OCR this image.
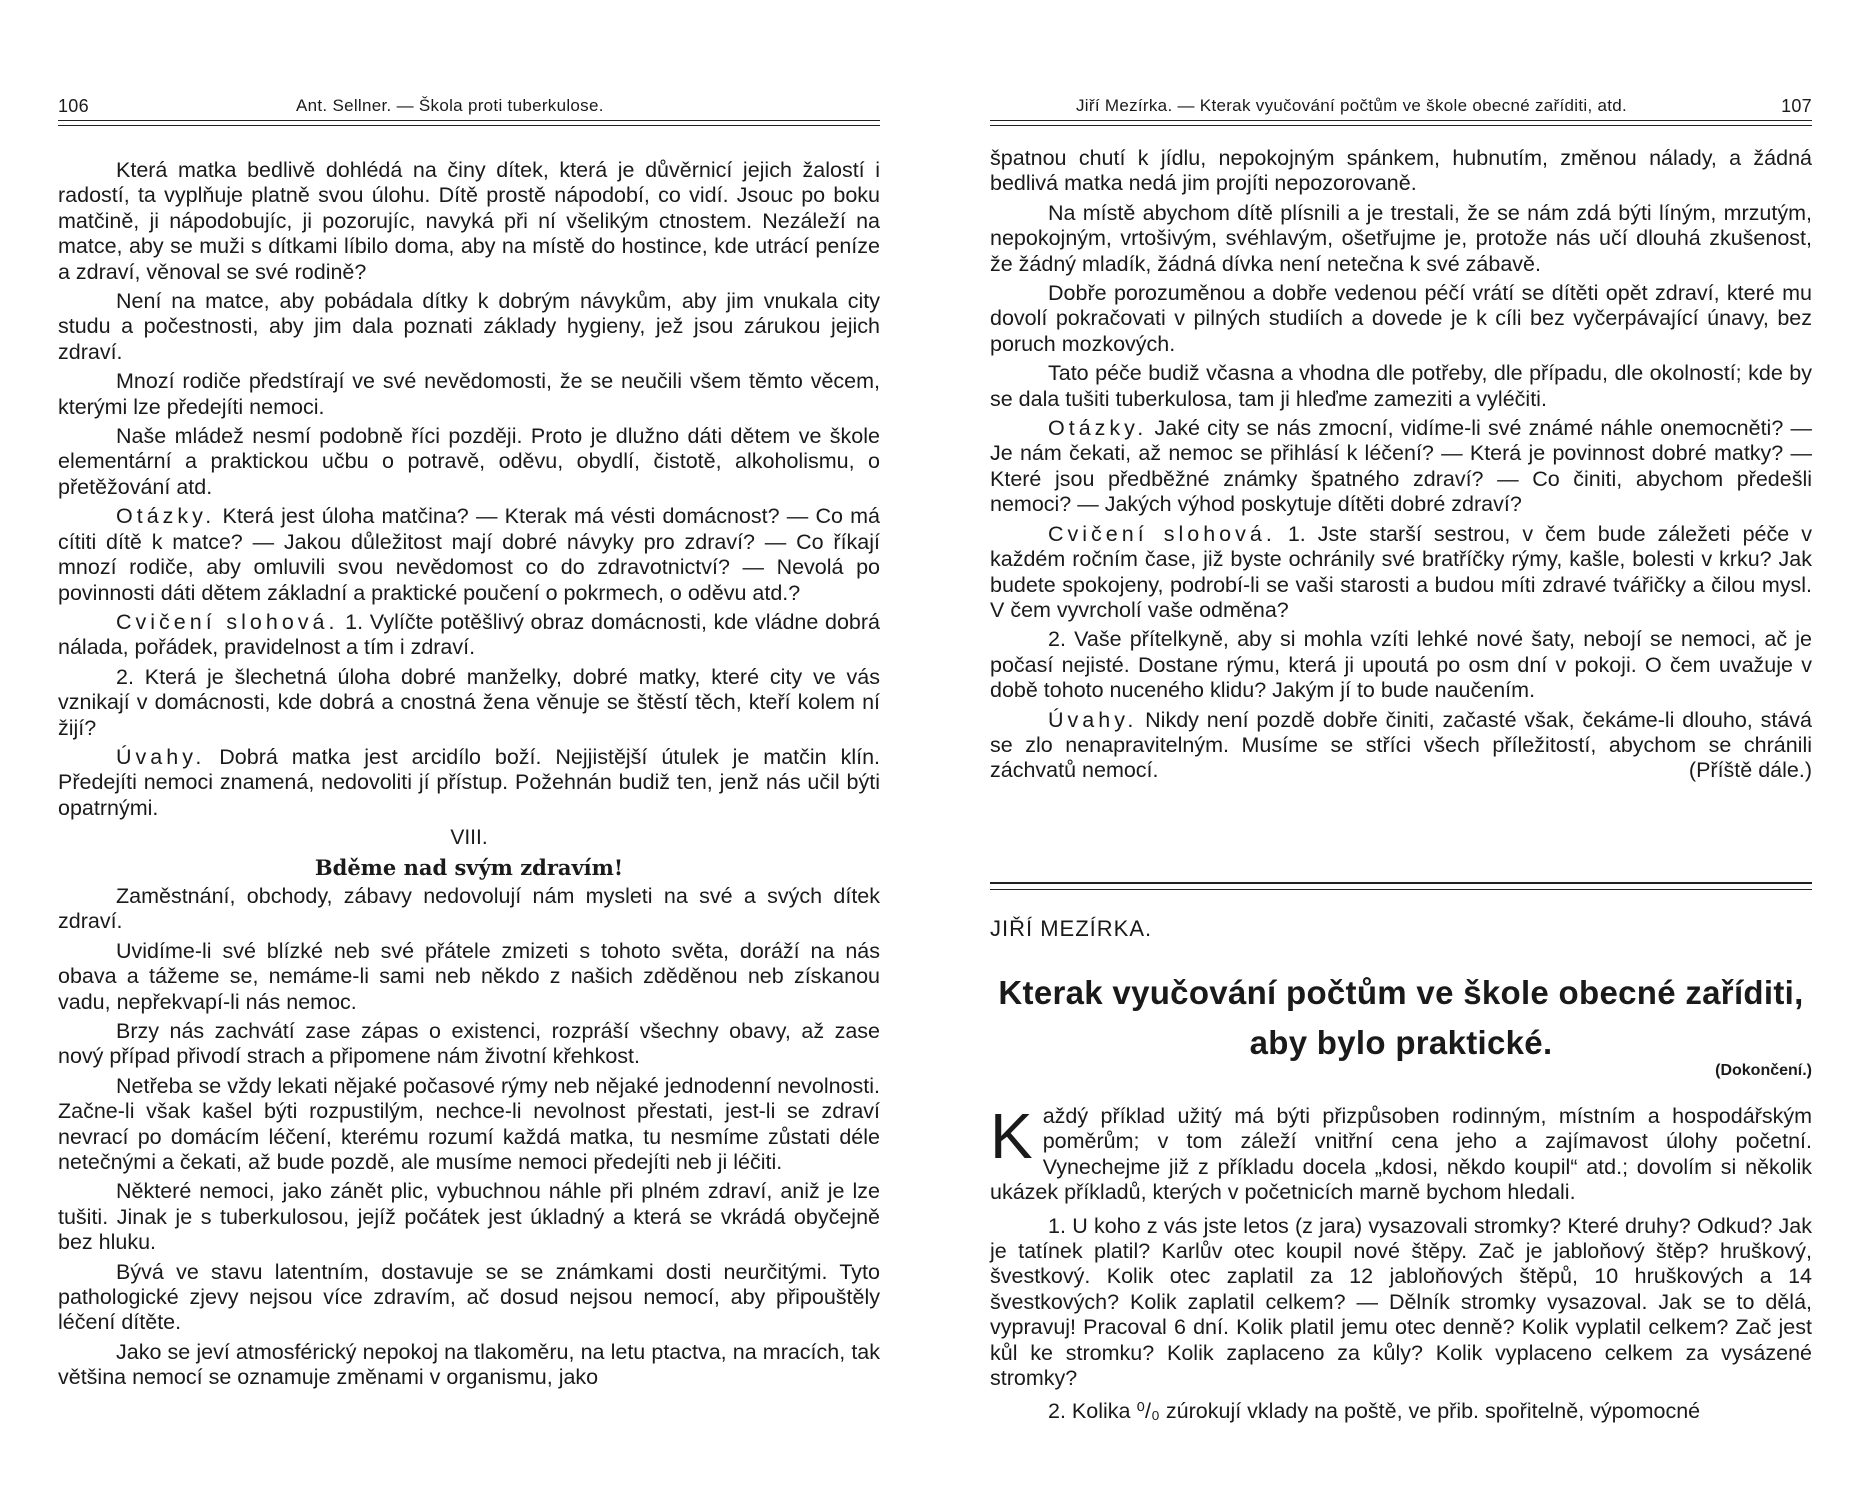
106	Ant. Sellner. — Škola proti tuberkulose.

Která matka bedlivě dohlédá na činy dítek, která je důvěrnicí jejich žalostí i radostí, ta vyplňuje platně svou úlohu. Dítě prostě nápodobí, co vidí. Jsouc po boku matčině, ji nápodobujíc, ji pozorujíc, navyká při ní všelikým ctnostem. Nezáleží na matce, aby se muži s dítkami líbilo doma, aby na místě do hostince, kde utrácí peníze a zdraví, věnoval se své rodině?

Není na matce, aby pobádala dítky k dobrým návykům, aby jim vnukala city studu a počestnosti, aby jim dala poznati základy hygieny, jež jsou zárukou jejich zdraví.

Mnozí rodiče předstírají ve své nevědomosti, že se neučili všem těmto věcem, kterými lze předejíti nemoci.

Naše mládež nesmí podobně říci později. Proto je dlužno dáti dětem ve škole elementární a praktickou učbu o potravě, oděvu, obydlí, čistotě, alkoholismu, o přetěžování atd.

Otázky. Která jest úloha matčina? — Kterak má vésti domácnost? — Co má cítiti dítě k matce? — Jakou důležitost mají dobré návyky pro zdraví? — Co říkají mnozí rodiče, aby omluvili svou nevědomost co do zdravotnictví? — Nevolá po povinnosti dáti dětem základní a praktické poučení o pokrmech, o oděvu atd.?

Cvičení slohová. 1. Vylíčte potěšlivý obraz domácnosti, kde vládne dobrá nálada, pořádek, pravidelnost a tím i zdraví.

2. Která je šlechetná úloha dobré manželky, dobré matky, které city ve vás vznikají v domácnosti, kde dobrá a cnostná žena věnuje se štěstí těch, kteří kolem ní žijí?

Úvahy. Dobrá matka jest arcidílo boží. Nejjistější útulek je matčin klín. Předejíti nemoci znamená, nedovoliti jí přístup. Požehnán budiž ten, jenž nás učil býti opatrnými.

VIII.

Bděme nad svým zdravím!

Zaměstnání, obchody, zábavy nedovolují nám mysleti na své a svých dítek zdraví.

Uvidíme-li své blízké neb své přátele zmizeti s tohoto světa, doráží na nás obava a tážeme se, nemáme-li sami neb někdo z našich zděděnou neb získanou vadu, nepřekvapí-li nás nemoc.

Brzy nás zachvátí zase zápas o existenci, rozpráší všechny obavy, až zase nový případ přivodí strach a připomene nám životní křehkost.

Netřeba se vždy lekati nějaké počasové rýmy neb nějaké jednodenní nevolnosti. Začne-li však kašel býti rozpustilým, nechce-li nevolnost přestati, jest-li se zdraví nevrací po domácím léčení, kterému rozumí každá matka, tu nesmíme zůstati déle netečnými a čekati, až bude pozdě, ale musíme nemoci předejíti neb ji léčiti.

Některé nemoci, jako zánět plic, vybuchnou náhle při plném zdraví, aniž je lze tušiti. Jinak je s tuberkulosou, jejíž počátek jest úkladný a která se vkrádá obyčejně bez hluku.

Bývá ve stavu latentním, dostavuje se se známkami dosti neurčitými. Tyto pathologické zjevy nejsou více zdravím, ač dosud nejsou nemocí, aby připouštěly léčení dítěte.

Jako se jeví atmosférický nepokoj na tlakoměru, na letu ptactva, na mracích, tak většina nemocí se oznamuje změnami v organismu, jako

Jiří Mezírka. — Kterak vyučování počtům ve škole obecné zaříditi, atd.	107

špatnou chutí k jídlu, nepokojným spánkem, hubnutím, změnou nálady, a žádná bedlivá matka nedá jim projíti nepozorovaně.

Na místě abychom dítě plísnili a je trestali, že se nám zdá býti líným, mrzutým, nepokojným, vrtošivým, svéhlavým, ošetřujme je, protože nás učí dlouhá zkušenost, že žádný mladík, žádná dívka není netečna k své zábavě.

Dobře porozuměnou a dobře vedenou péčí vrátí se dítěti opět zdraví, které mu dovolí pokračovati v pilných studiích a dovede je k cíli bez vyčerpávající únavy, bez poruch mozkových.

Tato péče budiž včasna a vhodna dle potřeby, dle případu, dle okolností; kde by se dala tušiti tuberkulosa, tam ji hleďme zameziti a vyléčiti.

Otázky. Jaké city se nás zmocní, vidíme-li své známé náhle onemocněti? — Je nám čekati, až nemoc se přihlásí k léčení? — Která je povinnost dobré matky? — Které jsou předběžné známky špatného zdraví? — Co činiti, abychom předešli nemoci? — Jakých výhod poskytuje dítěti dobré zdraví?

Cvičení slohová. 1. Jste starší sestrou, v čem bude záležeti péče v každém ročním čase, již byste ochránily své bratříčky rýmy, kašle, bolesti v krku? Jak budete spokojeny, podrobí-li se vaši starosti a budou míti zdravé tvářičky a čilou mysl. V čem vyvrcholí vaše odměna?

2. Vaše přítelkyně, aby si mohla vzíti lehké nové šaty, nebojí se nemoci, ač je počasí nejisté. Dostane rýmu, která ji upoutá po osm dní v pokoji. O čem uvažuje v době tohoto nuceného klidu? Jakým jí to bude naučením.

Úvahy. Nikdy není pozdě dobře činiti, začasté však, čekáme-li dlouho, stává se zlo nenapravitelným. Musíme se stříci všech příležitostí, abychom se chránili záchvatů nemocí.	(Příště dále.)

JIŘÍ MEZÍRKA.
Kterak vyučování počtům ve škole obecné zaříditi,
aby bylo praktické.
(Dokončení.)

Každý příklad užitý má býti přizpůsoben rodinným, místním a hospodářským poměrům; v tom záleží vnitřní cena jeho a zajímavost úlohy početní. Vynechejme již z příkladu docela „kdosi, někdo koupil“ atd.; dovolím si několik ukázek příkladů, kterých v početnicích marně bychom hledali.

1. U koho z vás jste letos (z jara) vysazovali stromky? Které druhy? Odkud? Jak je tatínek platil? Karlův otec koupil nové štěpy. Zač je jabloňový štěp? hruškový, švestkový. Kolik otec zaplatil za 12 jabloňových štěpů, 10 hruškových a 14 švestkových? Kolik zaplatil celkem? — Dělník stromky vysazoval. Jak se to dělá, vypravuj! Pracoval 6 dní. Kolik platil jemu otec denně? Kolik vyplatil celkem? Zač jest kůl ke stromku? Kolik zaplaceno za kůly? Kolik vyplaceno celkem za vysázené stromky?

2. Kolika ⁰/₀ zúrokují vklady na poště, ve přib. spořitelně, výpomocné
